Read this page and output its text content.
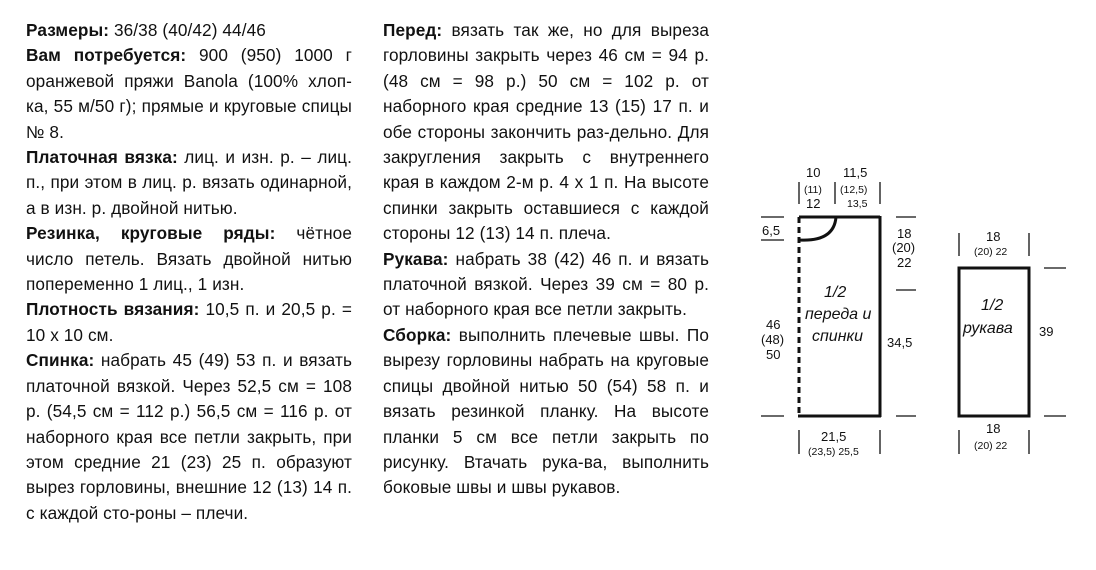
Размеры: 36/38 (40/42) 44/46

Вам потребуется: 900 (950) 1000 г оранжевой пряжи Banola (100% хлоп-ка, 55 м/50 г); прямые и круговые спицы № 8.

Платочная вязка: лиц. и изн. р. – лиц. п., при этом в лиц. р. вязать одинарной, а в изн. р. двойной нитью.

Резинка, круговые ряды: чётное число петель. Вязать двойной нитью попеременно 1 лиц., 1 изн.

Плотность вязания: 10,5 п. и 20,5 р. = 10 х 10 см.

Спинка: набрать 45 (49) 53 п. и вязать платочной вязкой. Через 52,5 см = 108 р. (54,5 см = 112 р.) 56,5 см = 116 р. от наборного края все петли закрыть, при этом средние 21 (23) 25 п. образуют вырез горловины, внешние 12 (13) 14 п. с каждой сто-роны – плечи.

Перед: вязать так же, но для выреза горловины закрыть через 46 см = 94 р. (48 см = 98 р.) 50 см = 102 р. от наборного края средние 13 (15) 17 п. и обе стороны закончить раз-дельно. Для закругления закрыть с внутреннего края в каждом 2-м р. 4 х 1 п. На высоте спинки закрыть оставшиеся с каждой стороны 12 (13) 14 п. плеча.

Рукава: набрать 38 (42) 46 п. и вязать платочной вязкой. Через 39 см = 80 р. от наборного края все петли закрыть.

Сборка: выполнить плечевые швы. По вырезу горловины набрать на круговые спицы двойной нитью 50 (54) 58 п. и вязать резинкой планку. На высоте планки 5 см все петли закрыть по рисунку. Втачать рука-ва, выполнить боковые швы и швы рукавов.

10
(11)
12
11,5
(12,5)
13,5
6,5	18
(20)
22
34,5
46
(48)
50
21,5
(23,5) 25,5
1/2
переда и
спинки
18
(20) 22
39
18
(20) 22
1/2
рукава
